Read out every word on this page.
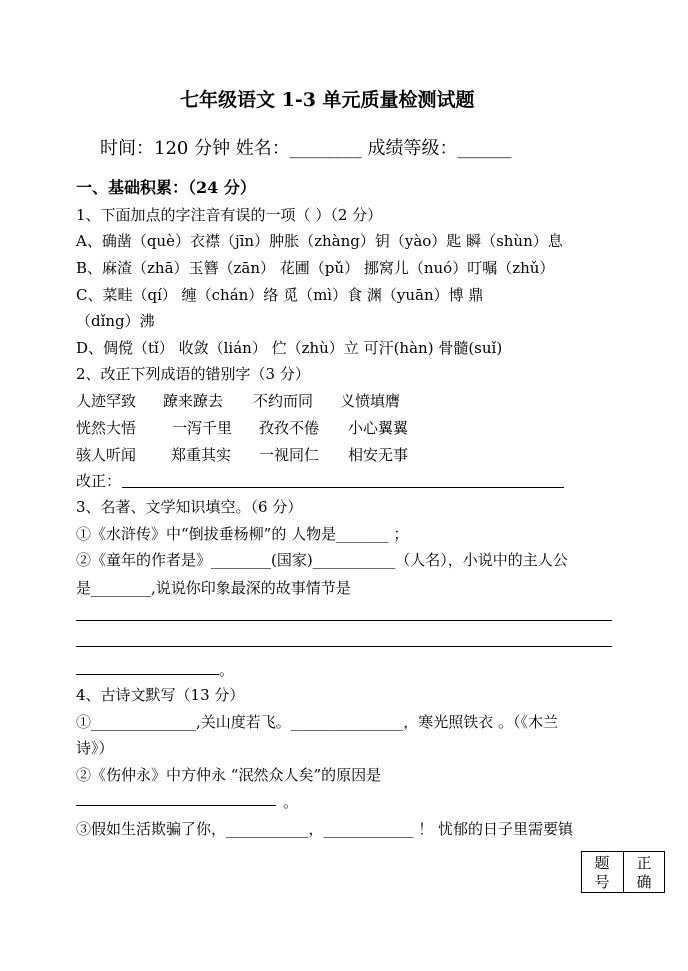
七年级语文 1-3 单元质量检测试题
时间：120 分钟 姓名：________ 成绩等级：______
一、基础积累：（24 分）
1、下面加点的字注音有误的一项（ ）（2 分）
A、确凿（què）衣襟（jīn）肿胀（zhàng）钥（yào）匙 瞬（shùn）息
B、麻渣（zhā）玉簪（zān） 花圃（pǔ） 挪窝儿（nuó）叮嘱（zhǔ）
C、菜畦（qí） 缠（chán）络 觅（mì）食 渊（yuān）博 鼎
（dǐng）沸
D、倜傥（tǐ） 收敛（lián） 伫（zhù）立 可汗(hàn) 骨髓(suǐ)
2、改正下列成语的错别字（3 分）
人迹罕致 蹽来蹽去 不约而同 义愤填膺
恍然大悟 一泻千里 孜孜不倦 小心翼翼
骇人听闻 郑重其实 一视同仁 相安无事
改正：
3、名著、文学知识填空。（6 分）
①《水浒传》中“倒拔垂杨柳”的 人物是_______ ；
②《童年的作者是》________(国家)___________（人名），小说中的主人公
是________,说说你印象最深的故事情节是
。
4、古诗文默写（13 分）
①______________,关山度若飞。_______________，寒光照铁衣 。（《木兰
诗》）
②《伤仲永》中方仲永 “泯然众人矣”的原因是
。
③假如生活欺骗了你，___________，____________ ！ 忧郁的日子里需要镇
题
号
正
确
